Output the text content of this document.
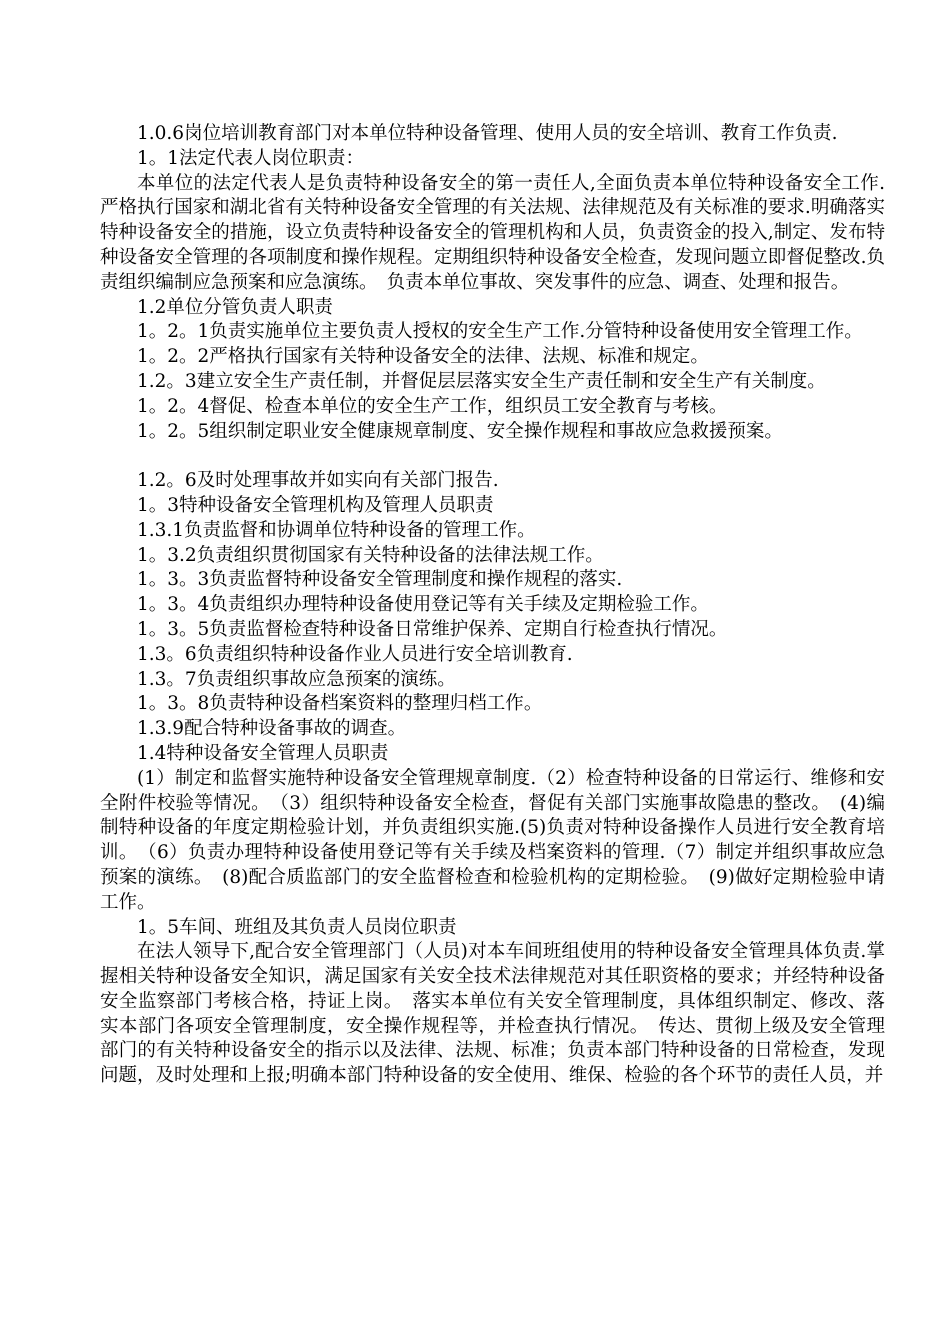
1.0.6岗位培训教育部门对本单位特种设备管理、使用人员的安全培训、教育工作负责.

1。1法定代表人岗位职责：

本单位的法定代表人是负责特种设备安全的第一责任人,全面负责本单位特种设备安全工作.严格执行国家和湖北省有关特种设备安全管理的有关法规、法律规范及有关标准的要求.明确落实特种设备安全的措施，设立负责特种设备安全的管理机构和人员，负责资金的投入,制定、发布特种设备安全管理的各项制度和操作规程。定期组织特种设备安全检查，发现问题立即督促整改.负责组织编制应急预案和应急演练。　负责本单位事故、突发事件的应急、调查、处理和报告。

1.2单位分管负责人职责

1。2。1负责实施单位主要负责人授权的安全生产工作.分管特种设备使用安全管理工作。

1。2。2严格执行国家有关特种设备安全的法律、法规、标准和规定。

1.2。3建立安全生产责任制，并督促层层落实安全生产责任制和安全生产有关制度。

1。2。4督促、检查本单位的安全生产工作，组织员工安全教育与考核。

1。2。5组织制定职业安全健康规章制度、安全操作规程和事故应急救援预案。

1.2。6及时处理事故并如实向有关部门报告.

1。3特种设备安全管理机构及管理人员职责

1.3.1负责监督和协调单位特种设备的管理工作。

1。3.2负责组织贯彻国家有关特种设备的法律法规工作。

1。3。3负责监督特种设备安全管理制度和操作规程的落实.

1。3。4负责组织办理特种设备使用登记等有关手续及定期检验工作。

1。3。5负责监督检查特种设备日常维护保养、定期自行检查执行情况。

1.3。6负责组织特种设备作业人员进行安全培训教育.

1.3。7负责组织事故应急预案的演练。

1。3。8负责特种设备档案资料的整理归档工作。

1.3.9配合特种设备事故的调查。

1.4特种设备安全管理人员职责

(1）制定和监督实施特种设备安全管理规章制度.（2）检查特种设备的日常运行、维修和安全附件校验等情况。　（3）组织特种设备安全检查，督促有关部门实施事故隐患的整改。　(4)编制特种设备的年度定期检验计划，并负责组织实施.(5)负责对特种设备操作人员进行安全教育培训。　（6）负责办理特种设备使用登记等有关手续及档案资料的管理.（7）制定并组织事故应急预案的演练。　(8)配合质监部门的安全监督检查和检验机构的定期检验。　(9)做好定期检验申请工作。

1。5车间、班组及其负责人员岗位职责

在法人领导下,配合安全管理部门（人员)对本车间班组使用的特种设备安全管理具体负责.掌握相关特种设备安全知识，满足国家有关安全技术法律规范对其任职资格的要求；并经特种设备安全监察部门考核合格，持证上岗。　落实本单位有关安全管理制度，具体组织制定、修改、落实本部门各项安全管理制度，安全操作规程等，并检查执行情况。　传达、贯彻上级及安全管理部门的有关特种设备安全的指示以及法律、法规、标准；负责本部门特种设备的日常检查，发现问题，及时处理和上报;明确本部门特种设备的安全使用、维保、检验的各个环节的责任人员，并
